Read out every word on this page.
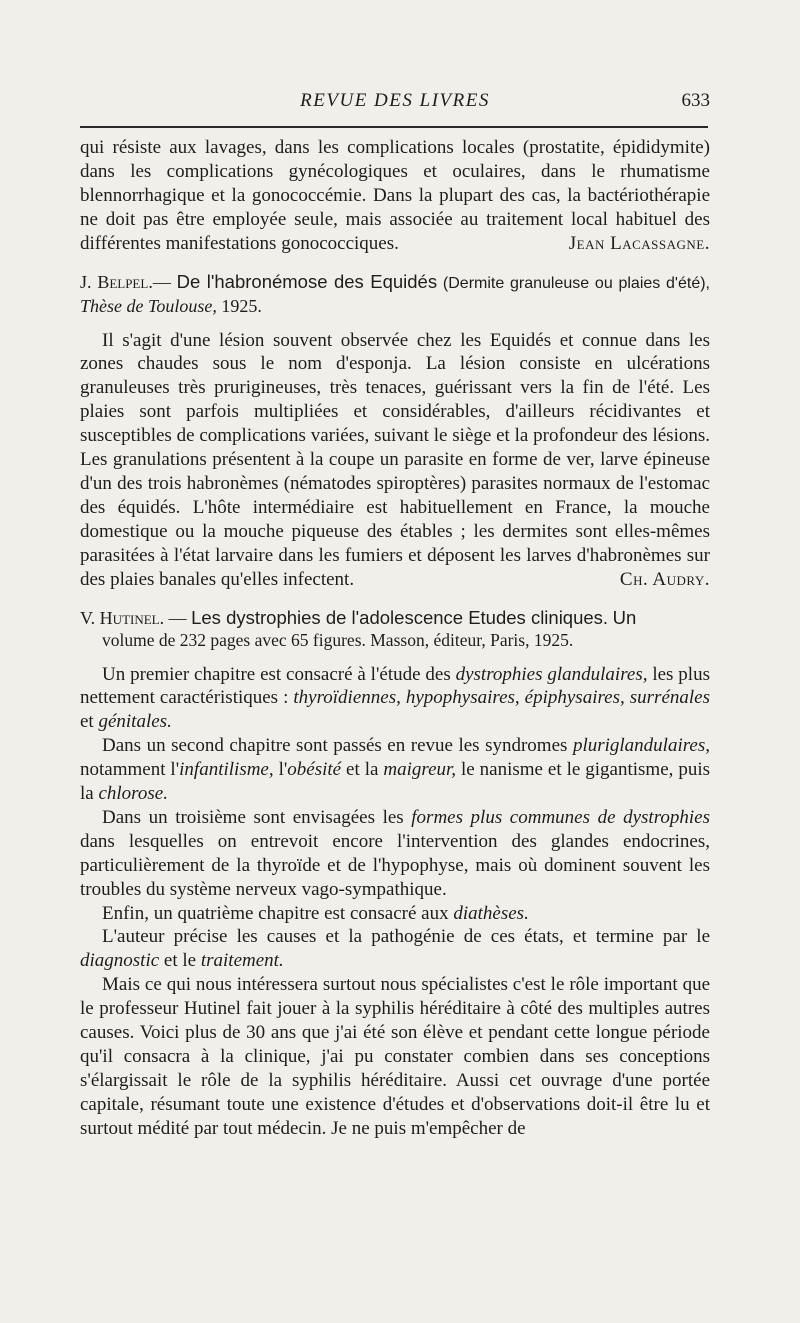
REVUE DES LIVRES	633

qui résiste aux lavages, dans les complications locales (prostatite, épididymite) dans les complications gynécologiques et oculaires, dans le rhumatisme blennorrhagique et la gonococcémie. Dans la plupart des cas, la bactériothérapie ne doit pas être employée seule, mais associée au traitement local habituel des différentes manifestations gonococciques.	Jean Lacassagne.

J. Belpel.— De l'habronémose des Equidés (Dermite granuleuse ou plaies d'été), Thèse de Toulouse, 1925.

Il s'agit d'une lésion souvent observée chez les Equidés et connue dans les zones chaudes sous le nom d'esponja. La lésion consiste en ulcérations granuleuses très prurigineuses, très tenaces, guérissant vers la fin de l'été. Les plaies sont parfois multipliées et considérables, d'ailleurs récidivantes et susceptibles de complications variées, suivant le siège et la profondeur des lésions. Les granulations présentent à la coupe un parasite en forme de ver, larve épineuse d'un des trois habronèmes (nématodes spiroptères) parasites normaux de l'estomac des équidés. L'hôte intermédiaire est habituellement en France, la mouche domestique ou la mouche piqueuse des étables ; les dermites sont elles-mêmes parasitées à l'état larvaire dans les fumiers et déposent les larves d'habronèmes sur des plaies banales qu'elles infectent.	Ch. Audry.

V. Hutinel. — Les dystrophies de l'adolescence Etudes cliniques. Un

volume de 232 pages avec 65 figures. Masson, éditeur, Paris, 1925.

Un premier chapitre est consacré à l'étude des dystrophies glandulaires, les plus nettement caractéristiques : thyroïdiennes, hypophysaires, épiphysaires, surrénales et génitales.

Dans un second chapitre sont passés en revue les syndromes pluriglandulaires, notamment l'infantilisme, l'obésité et la maigreur, le nanisme et le gigantisme, puis la chlorose.

Dans un troisième sont envisagées les formes plus communes de dystrophies dans lesquelles on entrevoit encore l'intervention des glandes endocrines, particulièrement de la thyroïde et de l'hypophyse, mais où dominent souvent les troubles du système nerveux vago-sympathique.

Enfin, un quatrième chapitre est consacré aux diathèses.

L'auteur précise les causes et la pathogénie de ces états, et termine par le diagnostic et le traitement.

Mais ce qui nous intéressera surtout nous spécialistes c'est le rôle important que le professeur Hutinel fait jouer à la syphilis héréditaire à côté des multiples autres causes. Voici plus de 30 ans que j'ai été son élève et pendant cette longue période qu'il consacra à la clinique, j'ai pu constater combien dans ses conceptions s'élargissait le rôle de la syphilis héréditaire. Aussi cet ouvrage d'une portée capitale, résumant toute une existence d'études et d'observations doit-il être lu et surtout médité par tout médecin. Je ne puis m'empêcher de
